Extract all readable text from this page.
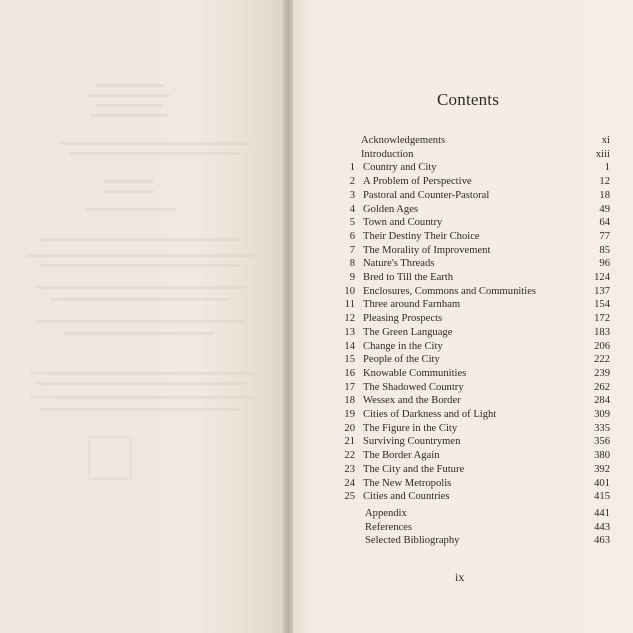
Contents
Acknowledgements	xi
Introduction	xiii
1 Country and City	1
2 A Problem of Perspective	12
3 Pastoral and Counter-Pastoral	18
4 Golden Ages	49
5 Town and Country	64
6 Their Destiny Their Choice	77
7 The Morality of Improvement	85
8 Nature's Threads	96
9 Bred to Till the Earth	124
10 Enclosures, Commons and Communities	137
11 Three around Farnham	154
12 Pleasing Prospects	172
13 The Green Language	183
14 Change in the City	206
15 People of the City	222
16 Knowable Communities	239
17 The Shadowed Country	262
18 Wessex and the Border	284
19 Cities of Darkness and of Light	309
20 The Figure in the City	335
21 Surviving Countrymen	356
22 The Border Again	380
23 The City and the Future	392
24 The New Metropolis	401
25 Cities and Countries	415
Appendix	441
References	443
Selected Bibliography	463
ix
